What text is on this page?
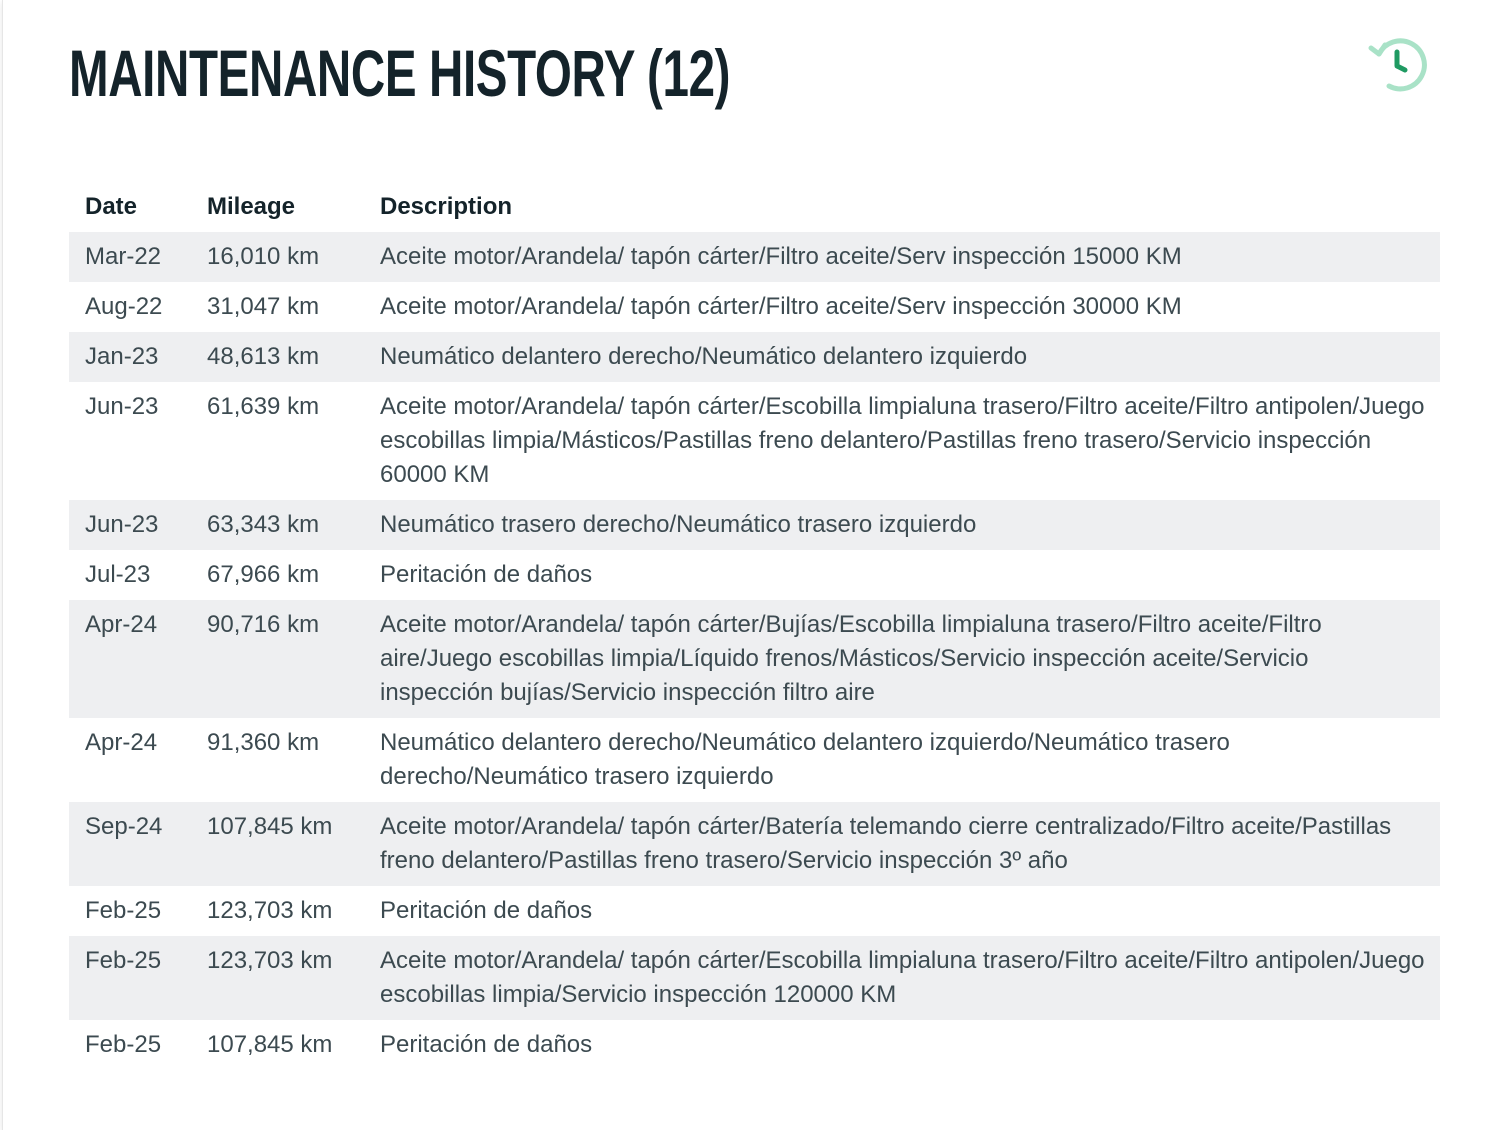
MAINTENANCE HISTORY (12)
Date	Mileage	Description
Mar-22	16,010 km	Aceite motor/Arandela/ tapón cárter/Filtro aceite/Serv inspección 15000 KM
Aug-22	31,047 km	Aceite motor/Arandela/ tapón cárter/Filtro aceite/Serv inspección 30000 KM
Jan-23	48,613 km	Neumático delantero derecho/Neumático delantero izquierdo
Jun-23	61,639 km	Aceite motor/Arandela/ tapón cárter/Escobilla limpialuna trasero/Filtro aceite/Filtro antipolen/Juego escobillas limpia/Másticos/Pastillas freno delantero/Pastillas freno trasero/Servicio inspección 60000 KM
Jun-23	63,343 km	Neumático trasero derecho/Neumático trasero izquierdo
Jul-23	67,966 km	Peritación de daños
Apr-24	90,716 km	Aceite motor/Arandela/ tapón cárter/Bujías/Escobilla limpialuna trasero/Filtro aceite/Filtro aire/Juego escobillas limpia/Líquido frenos/Másticos/Servicio inspección aceite/Servicio inspección bujías/Servicio inspección filtro aire
Apr-24	91,360 km	Neumático delantero derecho/Neumático delantero izquierdo/Neumático trasero derecho/Neumático trasero izquierdo
Sep-24	107,845 km	Aceite motor/Arandela/ tapón cárter/Batería telemando cierre centralizado/Filtro aceite/Pastillas freno delantero/Pastillas freno trasero/Servicio inspección 3º año
Feb-25	123,703 km	Peritación de daños
Feb-25	123,703 km	Aceite motor/Arandela/ tapón cárter/Escobilla limpialuna trasero/Filtro aceite/Filtro antipolen/Juego escobillas limpia/Servicio inspección 120000 KM
Feb-25	107,845 km	Peritación de daños
